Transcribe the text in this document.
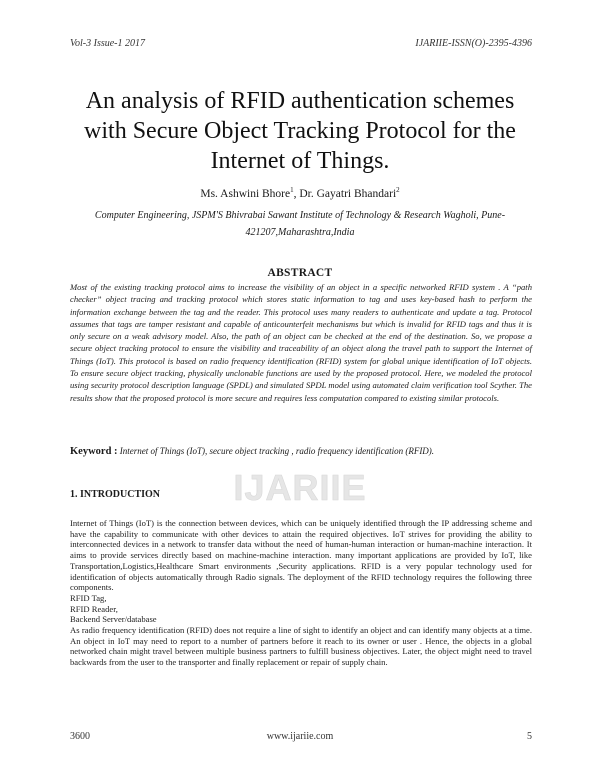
Vol-3 Issue-1 2017	IJARIIE-ISSN(O)-2395-4396
An analysis of RFID authentication schemes
with Secure Object Tracking Protocol for the
Internet of Things.
Ms. Ashwini Bhore$^1$, Dr. Gayatri Bhandari$^2$
Computer Engineering, JSPM'S Bhivrabai Sawant Institute of Technology & Research Wagholi, Pune-
421207,Maharashtra,India
ABSTRACT

Most of the existing tracking protocol aims to increase the visibility of an object in a specific networked RFID system . A “path checker” object tracing and tracking protocol which stores static information to tag and uses key-based hash to perform the information exchange between the tag and the reader. This protocol uses many readers to authenticate and update a tag. Protocol assumes that tags are tamper resistant and capable of anticounterfeit mechanisms but which is invalid for RFID tags and thus it is only secure on a weak advisory model. Also, the path of an object can be checked at the end of the destination. So, we propose a secure object tracking protocol to ensure the visibility and traceability of an object along the travel path to support the Internet of Things (IoT). This protocol is based on radio frequency identification (RFID) system for global unique identification of IoT objects. To ensure secure object tracking, physically unclonable functions are used by the proposed protocol. Here, we modeled the protocol using security protocol description language (SPDL) and simulated SPDL model using automated claim verification tool Scyther. The results show that the proposed protocol is more secure and requires less computation compared to existing similar protocols.

Keyword : Internet of Things (IoT), secure object tracking , radio frequency identification (RFID).
IJARIIE
1. INTRODUCTION
Internet of Things (IoT) is the connection between devices, which can be uniquely identified through the IP addressing scheme and have the capability to communicate with other devices to attain the required objectives. IoT strives for providing the ability to interconnected devices in a network to transfer data without the need of human-human interaction or human-machine interaction. It aims to provide services directly based on machine-machine interaction. many important applications are provided by IoT, like Transportation,Logistics,Healthcare Smart environments ,Security applications. RFID is a very popular technology used for identification of objects automatically through Radio signals. The deployment of the RFID technology requires the following three components.
RFID Tag,
RFID Reader,
Backend Server/database
As radio frequency identification (RFID) does not require a line of sight to identify an object and can identify many objects at a time. An object in IoT may need to report to a number of partners before it reach to its owner or user . Hence, the objects in a global networked chain might travel between multiple business partners to fulfill business objectives. Later, the object might need to travel backwards from the user to the transporter and finally replacement or repair of supply chain.
3600	www.ijariie.com	5
